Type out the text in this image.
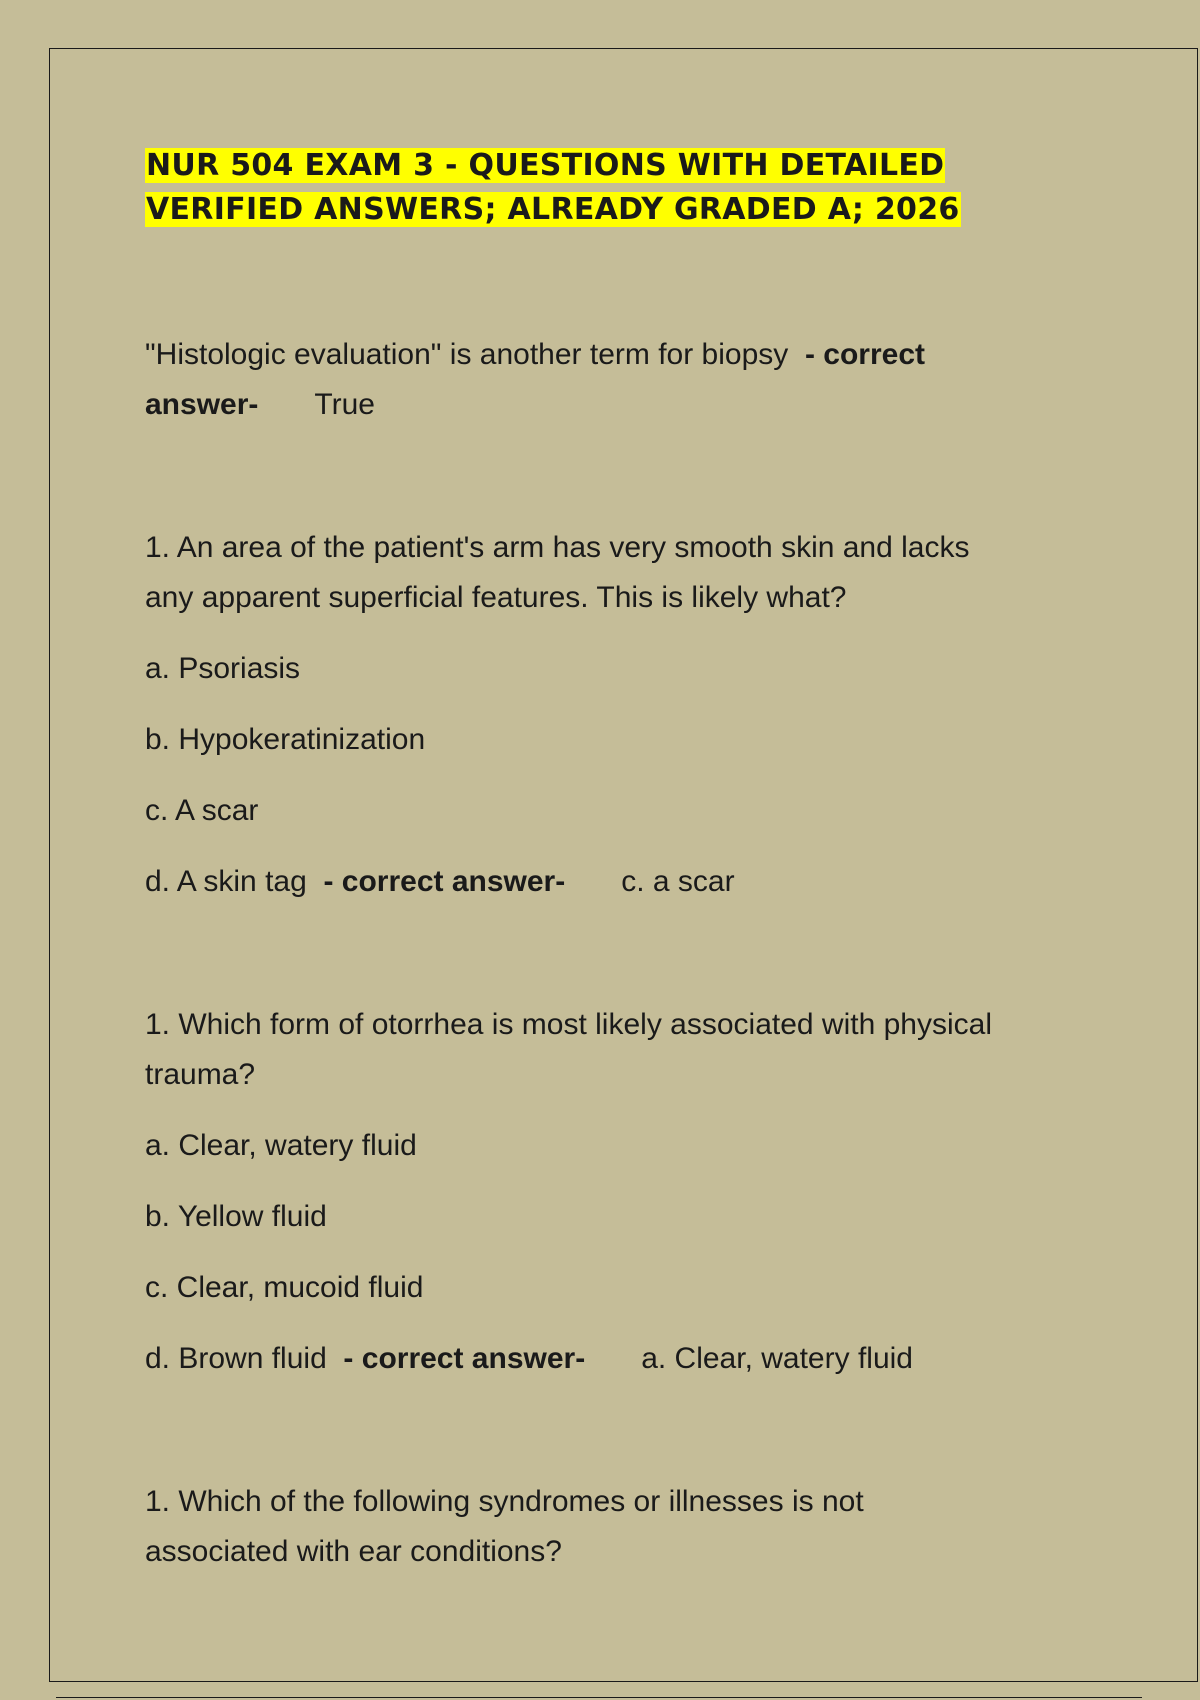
NUR 504 EXAM 3 - QUESTIONS WITH DETAILED
VERIFIED ANSWERS; ALREADY GRADED A; 2026

"Histologic evaluation" is another term for biopsy  - correct

answer- True

1. An area of the patient's arm has very smooth skin and lacks

any apparent superficial features. This is likely what?

a. Psoriasis

b. Hypokeratinization

c. A scar

d. A skin tag  - correct answer- c. a scar

1. Which form of otorrhea is most likely associated with physical

trauma?

a. Clear, watery fluid

b. Yellow fluid

c. Clear, mucoid fluid

d. Brown fluid  - correct answer- a. Clear, watery fluid

1. Which of the following syndromes or illnesses is not

associated with ear conditions?
